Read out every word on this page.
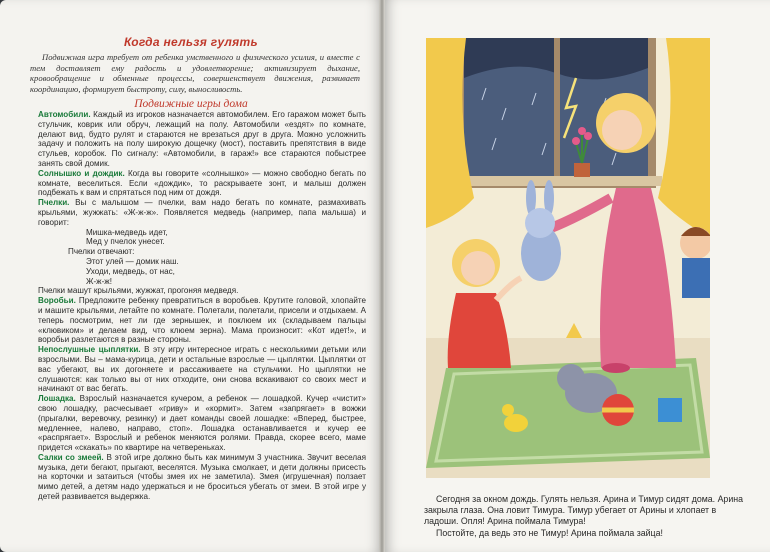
Когда нельзя гулять
Подвижная игра требует от ребенка умственного и физического усилия, и вместе с тем доставляет ему радость и удовлетворение; активизирует дыхание, кровообращение и обменные процессы, совершенствует движения, развивает координацию, формирует быстроту, силу, выносливость.
Подвижные игры дома

Автомобили. Каждый из игроков назначается автомобилем. Его гаражом может быть стульчик, коврик или обруч, лежащий на полу. Автомобили «ездят» по комнате, делают вид, будто рулят и стараются не врезаться друг в друга. Можно усложнить задачу и положить на полу широкую дощечку (мост), поставить препятствия в виде стульев, коробок. По сигналу: «Автомобили, в гараж!» все стараются побыстрее занять свой домик.

Солнышко и дождик. Когда вы говорите «солнышко» — можно свободно бегать по комнате, веселиться. Если «дождик», то раскрываете зонт, и малыш должен подбежать к вам и спрятаться под ним от дождя.

Пчелки. Вы с малышом — пчелки, вам надо бегать по комнате, размахивать крыльями, жужжать: «Ж-ж-ж». Появляется медведь (например, папа малыша) и говорит:

Мишка-медведь идет,
Мед у пчелок унесет.
Пчелки отвечают:
Этот улей — домик наш.
Уходи, медведь, от нас,
Ж-ж-ж!

Пчелки машут крыльями, жужжат, прогоняя медведя.

Воробьи. Предложите ребенку превратиться в воробьев. Крутите головой, хлопайте и машите крыльями, летайте по комнате. Полетали, полетали, присели и отдыхаем. А теперь посмотрим, нет ли где зернышек, и поклюем их (складываем пальцы «клювиком» и делаем вид, что клюем зерна). Мама произносит: «Кот идет!», и воробьи разлетаются в разные стороны.

Непослушные цыплятки. В эту игру интересное играть с несколькими детьми или взрослыми. Вы – мама-курица, дети и остальные взрослые — цыплятки. Цыплятки от вас убегают, вы их догоняете и рассаживаете на стульчики. Но цыплятки не слушаются: как только вы от них отходите, они снова вскакивают со своих мест и начинают от вас бегать.

Лошадка. Взрослый назначается кучером, а ребенок — лошадкой. Кучер «чистит» свою лошадку, расчесывает «гриву» и «кормит». Затем «запрягает» в вожжи (прыгалки, веревочку, резинку) и дает команды своей лошадке: «Вперед, быстрее, медленнее, налево, направо, стоп». Лошадка останавливается и кучер ее «распрягает». Взрослый и ребенок меняются ролями. Правда, скорее всего, маме придется «скакать» по квартире на четвереньках.

Салки со змеей. В этой игре должно быть как минимум 3 участника. Звучит веселая музыка, дети бегают, прыгают, веселятся. Музыка смолкает, и дети должны присесть на корточки и затаиться (чтобы змея их не заметила). Змея (игрушечная) ползает мимо детей, а детям надо удержаться и не броситься убегать от змеи. В этой игре у детей развивается выдержка.	Сегодня за окном дождь. Гулять нельзя. Арина и Тимур сидят дома. Арина закрыла глаза. Она ловит Тимура. Тимур убегает от Арины и хлопает в ладоши. Опля! Арина поймала Тимура!

Постойте, да ведь это не Тимур! Арина поймала зайца!
